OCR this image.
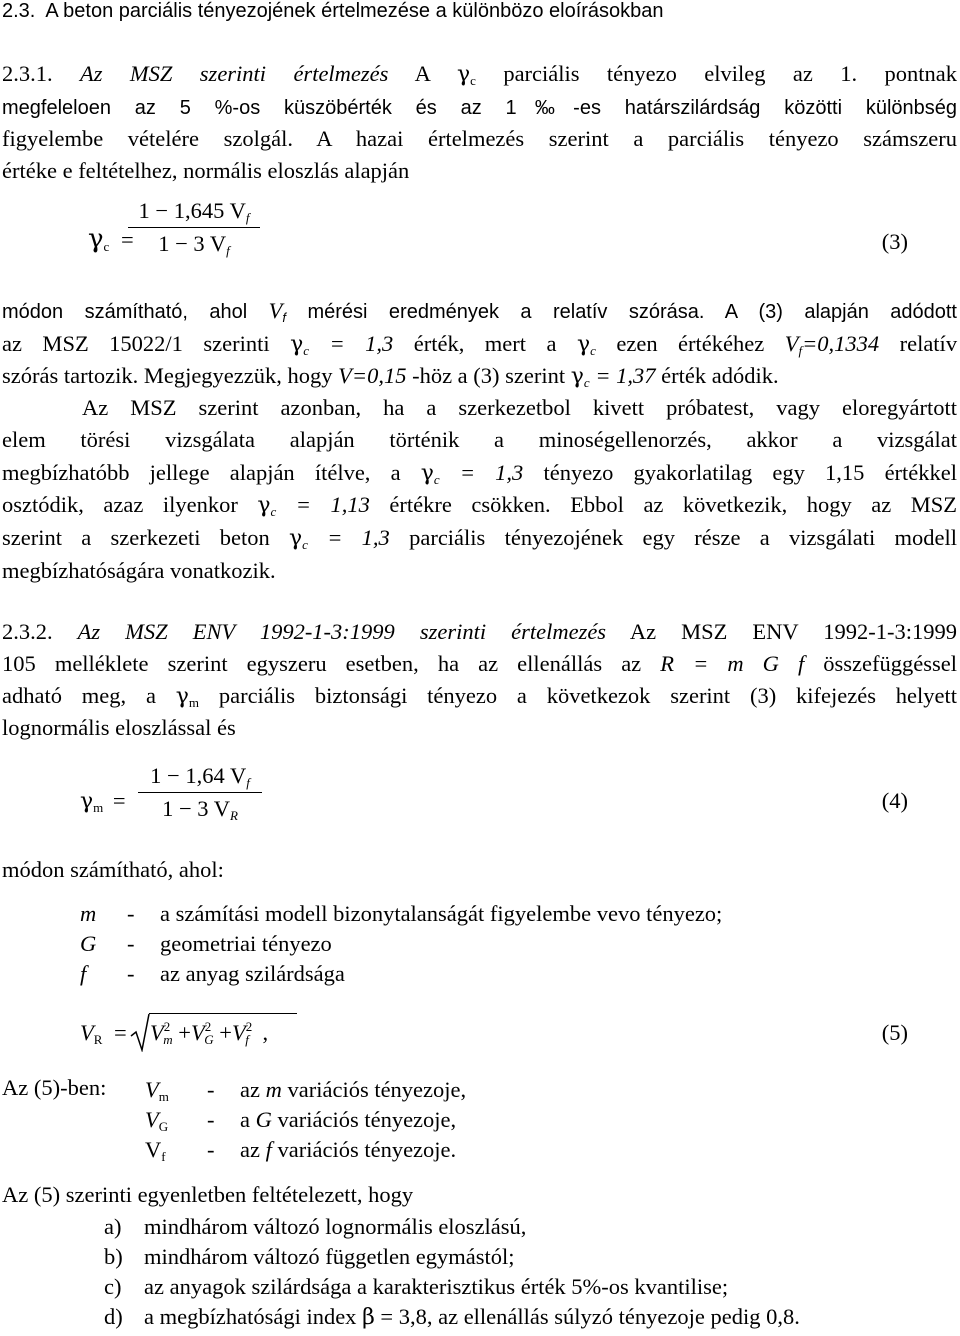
2.3. A beton parciális tényezojének értelmezése a különbözo eloírásokban
2.3.1. Az MSZ szerinti értelmezés A $\gamma_c$ parciális tényezo elvileg az 1. pontnak
megfeleloen az 5 %-os küszöbérték és az 1‰-es határszilárdság közötti különbség
figyelembe vételére szolgál. A hazai értelmezés szerint a parciális tényezo számszeru
értéke e feltételhez, normális eloszlás alapján
$\gamma_c$ =
1 − 1,645 $V_f$
1 − 3 $V_f$	(3)
módon számítható, ahol $V_f$ mérési eredmények a relatív szórása. A (3) alapján adódott
az MSZ 15022/1 szerinti $\gamma_c = 1,3$ érték, mert a $\gamma_c$ ezen értékéhez $V_f=0,1334$ relatív
szórás tartozik. Megjegyezzük, hogy V=0,15 -höz a (3) szerint $\gamma_c = 1,37$ érték adódik.
Az MSZ szerint azonban, ha a szerkezetbol kivett próbatest, vagy eloregyártott
elem törési vizsgálata alapján történik a minoségellenorzés, akkor a vizsgálat
megbízhatóbb jellege alapján ítélve, a $\gamma_c = 1,3$ tényezo gyakorlatilag egy 1,15 értékkel
osztódik, azaz ilyenkor $\gamma_c = 1,13$ értékre csökken. Ebbol az következik, hogy az MSZ
szerint a szerkezeti beton $\gamma_c = 1,3$ parciális tényezojének egy része a vizsgálati modell
megbízhatóságára vonatkozik.
2.3.2. Az MSZ ENV 1992-1-3:1999 szerinti értelmezés Az MSZ ENV 1992-1-3:1999
105 melléklete szerint egyszeru esetben, ha az ellenállás az R = m G f összefüggéssel
adható meg, a $\gamma_m$ parciális biztonsági tényezo a következok szerint (3) kifejezés helyett
lognormális eloszlással és
$\gamma_m$ =
1 − 1,64 $V_f$
1 − 3 $V_R$
(4)
módon számítható, ahol:
m	-	a számítási modell bizonytalanságát figyelembe vevo tényezo;
G	-	geometriai tényezo
f	-	az anyag szilárdsága
$V_R = V^2_m +V^2_G +V^2_f$ ,	(5)
Az (5)-ben: $V_m$	-	az m variációs tényezoje,
$V_G$	-	a G variációs tényezoje,
$V_f$	-	az f variációs tényezoje.
Az (5) szerinti egyenletben feltételezett, hogy
a)	mindhárom változó lognormális eloszlású,
b)	mindhárom változó független egymástól;
c)	az anyagok szilárdsága a karakterisztikus érték 5%-os kvantilise;
d)	a megbízhatósági index β = 3,8, az ellenállás súlyzó tényezoje pedig 0,8.
